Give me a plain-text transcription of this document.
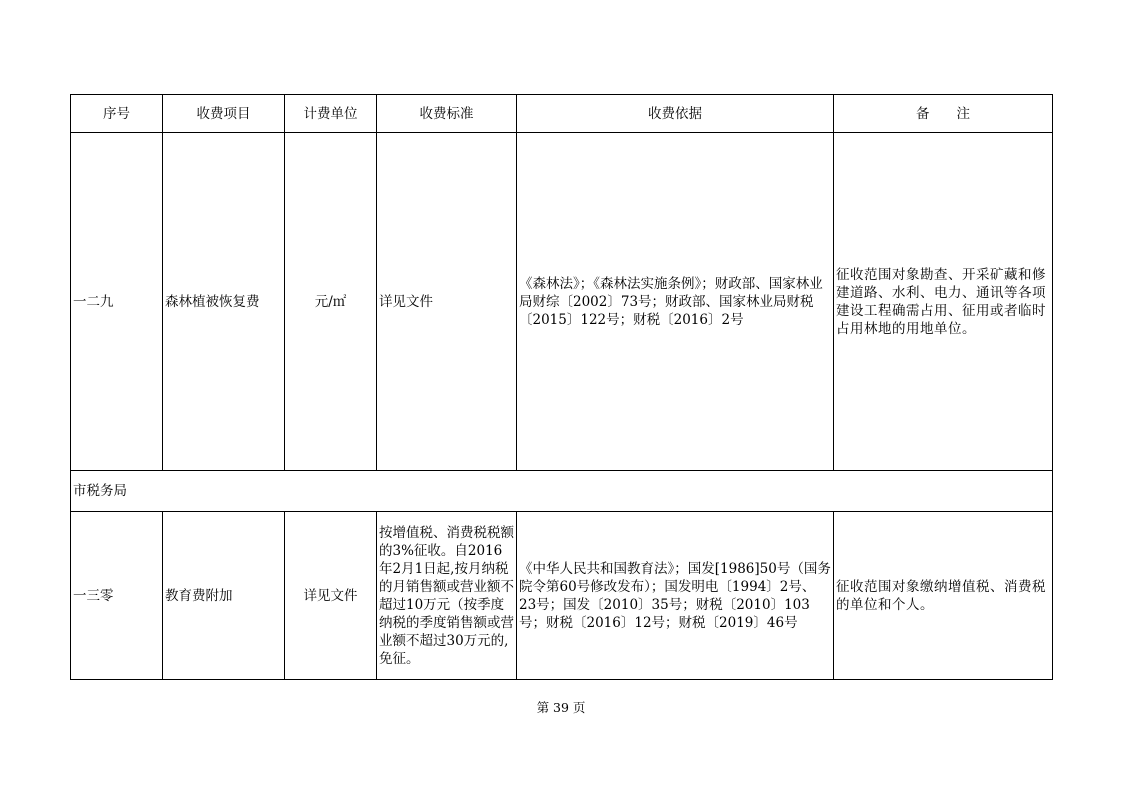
序号	收费项目	计费单位	收费标准	收费依据	备　　注
一二九	森林植被恢复费	元/㎡	详见文件	《森林法》；《森林法实施条例》；财政部、国家林业局财综〔2002〕73号；财政部、国家林业局财税〔2015〕122号；财税〔2016〕2号	征收范围对象勘查、开采矿藏和修建道路、水利、电力、通讯等各项建设工程确需占用、征用或者临时占用林地的用地单位。
市税务局					
一三零	教育费附加	详见文件	按增值税、消费税税额的3%征收。自2016年2月1日起,按月纳税的月销售额或营业额不超过10万元（按季度纳税的季度销售额或营业额不超过30万元的,免征。	《中华人民共和国教育法》；国发[1986]50号（国务院令第60号修改发布）；国发明电〔1994〕2号、23号；国发〔2010〕35号；财税〔2010〕103号；财税〔2016〕12号；财税〔2019〕46号	征收范围对象缴纳增值税、消费税的单位和个人。
第 39 页
